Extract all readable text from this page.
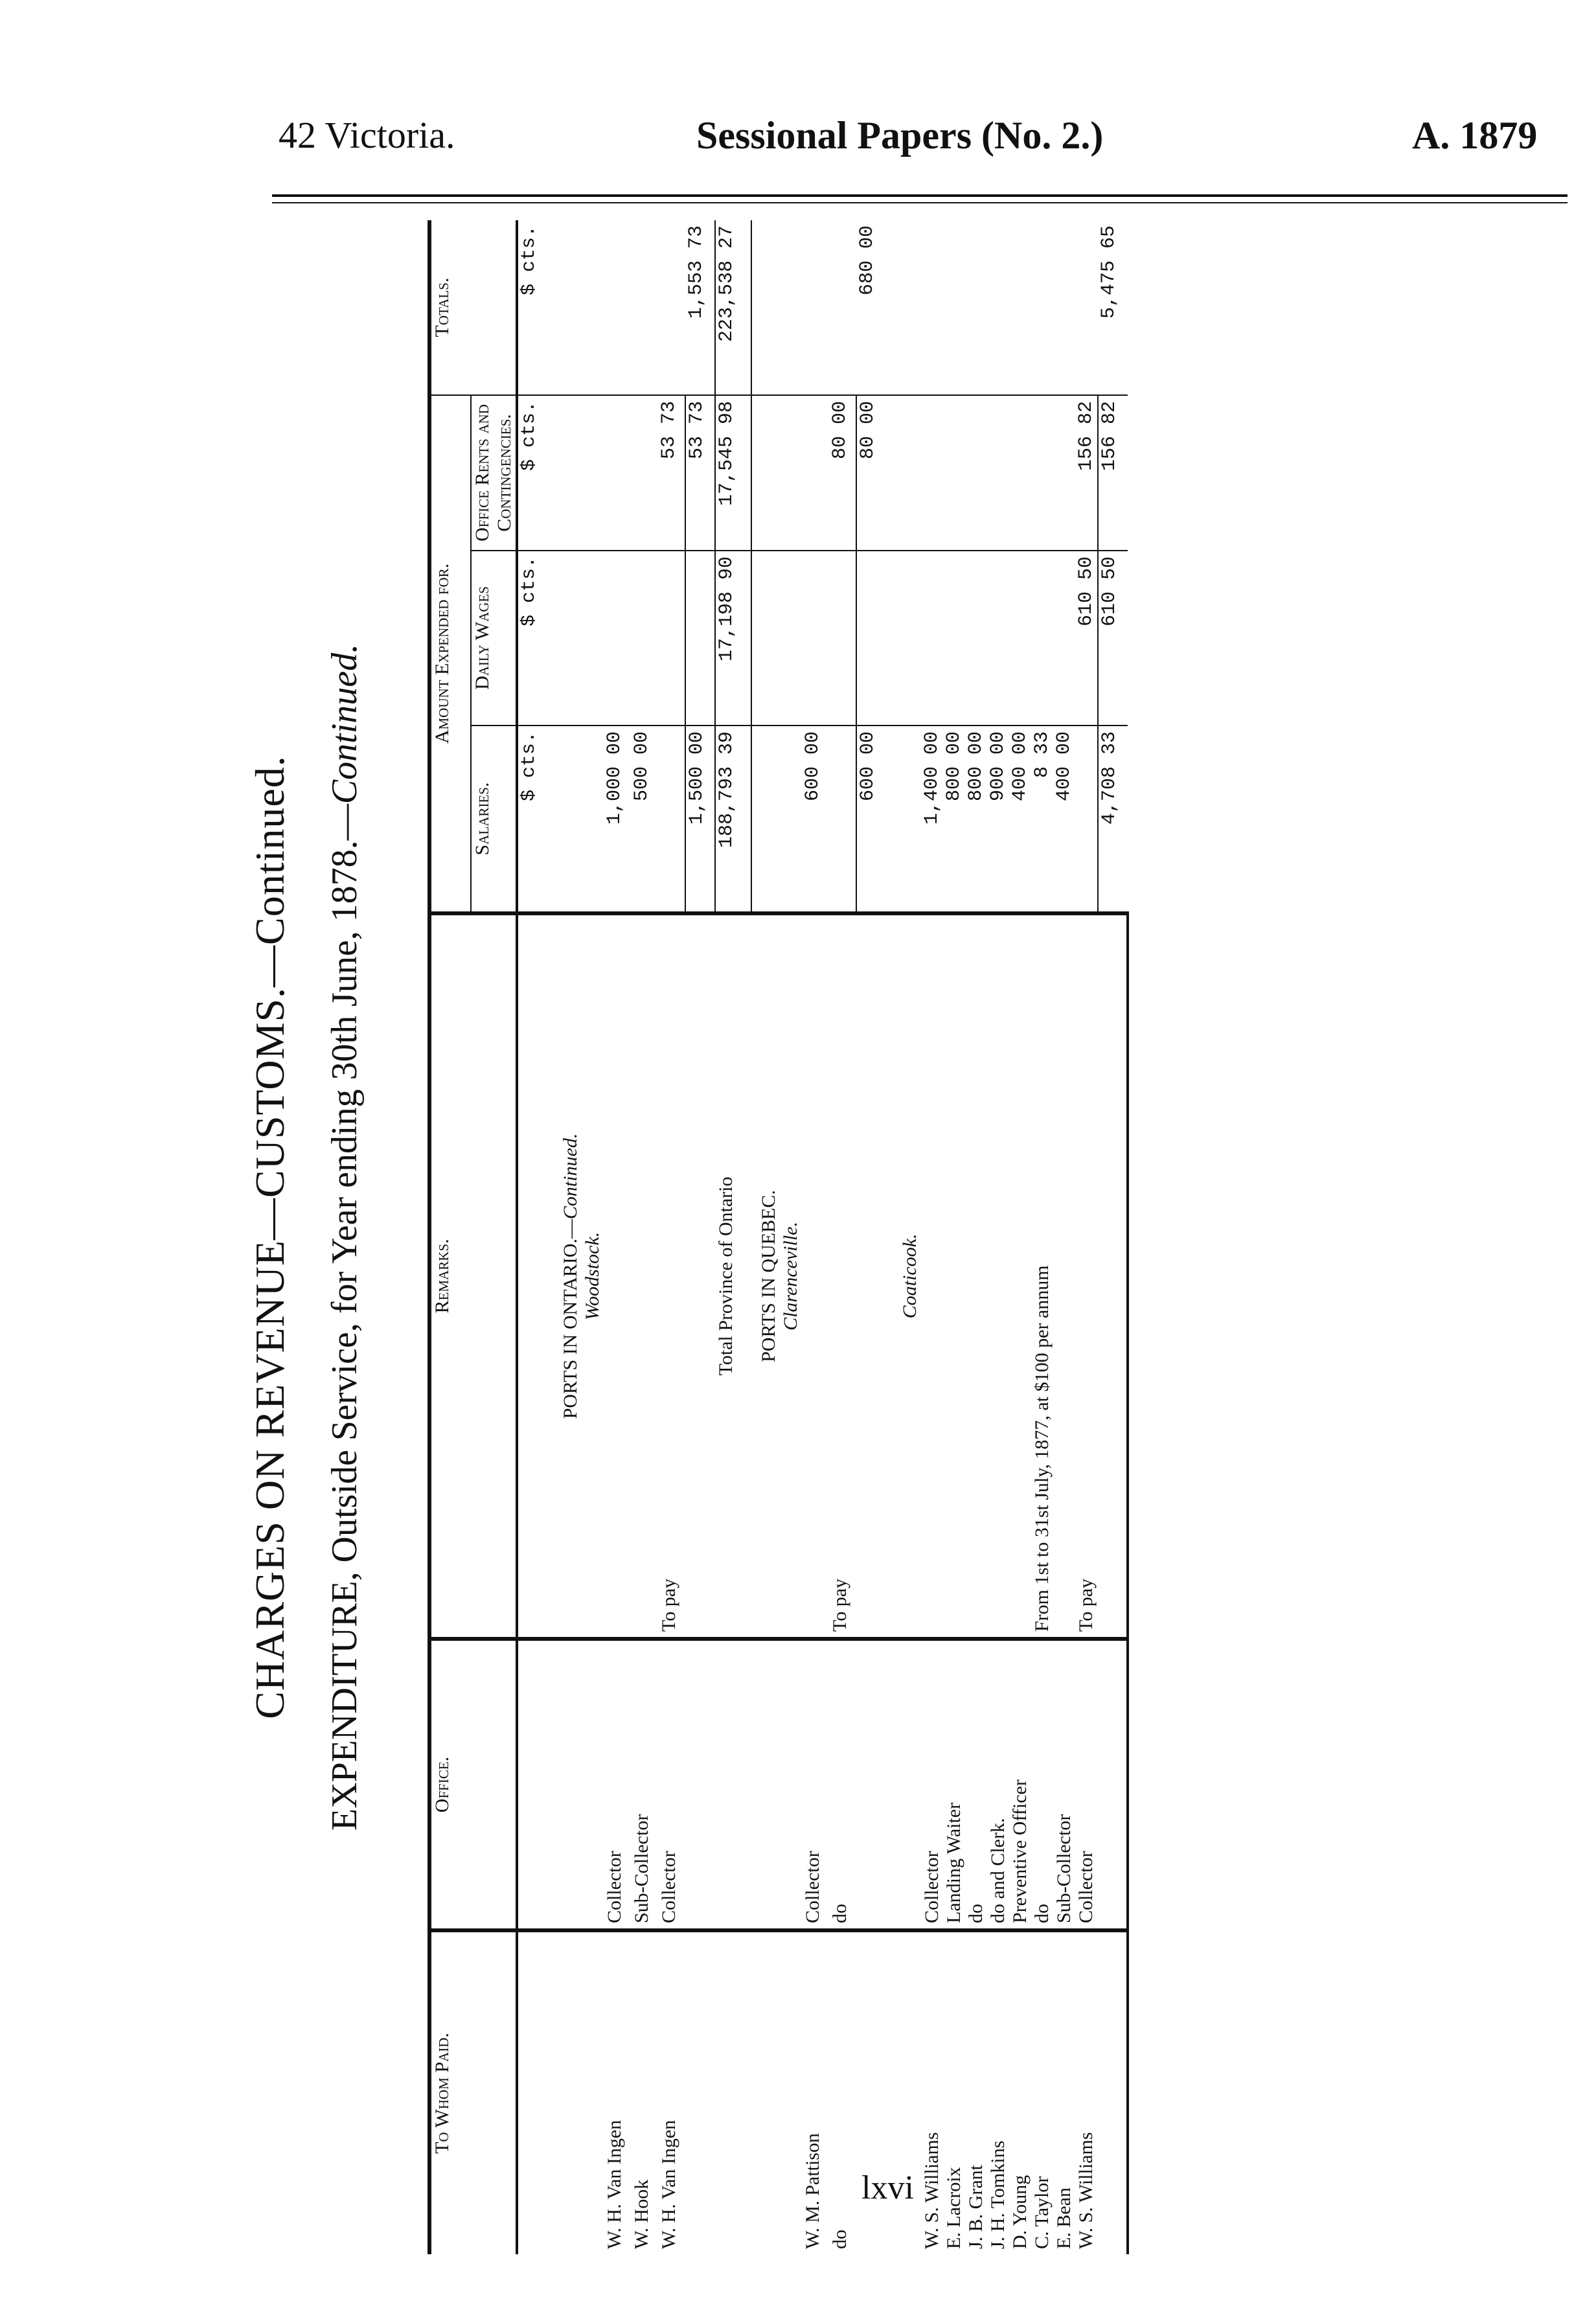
42 Victoria.	Sessional Papers (No. 2.)	A. 1879
CHARGES ON REVENUE—CUSTOMS.—Continued. EXPENDITURE, Outside Service, for Year ending 30th June, 1878.—Continued.
To Whom Paid.	Office.	Remarks.	Amount Expended for.			Totals.
			Salaries.	Daily Wages	Office Rents and Contingencies.	
			$ cts.	$ cts.	$ cts.	$ cts.
		PORTS IN ONTARIO.—Continued.				
		Woodstock.				
W. H. Van Ingen	Collector		1,000 00			
W. Hook	Sub-Collector		500 00			
W. H. Van Ingen	Collector	To pay			53 73	
			1,500 00		53 73	1,553 73
		Total Province of Ontario	188,793 39	17,198 90	17,545 98	223,538 27
		PORTS IN QUEBEC.				
		Clarenceville.				
W. M. Pattison	Collector		600 00			
do	do	To pay			80 00	
			600 00		80 00	680 00
		Coaticook.				
W. S. Williams	Collector		1,400 00			
E. Lacroix	Landing Waiter		800 00			
J. B. Grant	do		800 00			
J. H. Tomkins	do and Clerk.		900 00			
D. Young	Preventive Officer		400 00			
C. Taylor	do	From 1st to 31st July, 1877, at $100 per annum	8 33			
E. Bean	Sub-Collector		400 00			
W. S. Williams	Collector	To pay		610 50	156 82	
			4,708 33	610 50	156 82	5,475 65
lxvi
